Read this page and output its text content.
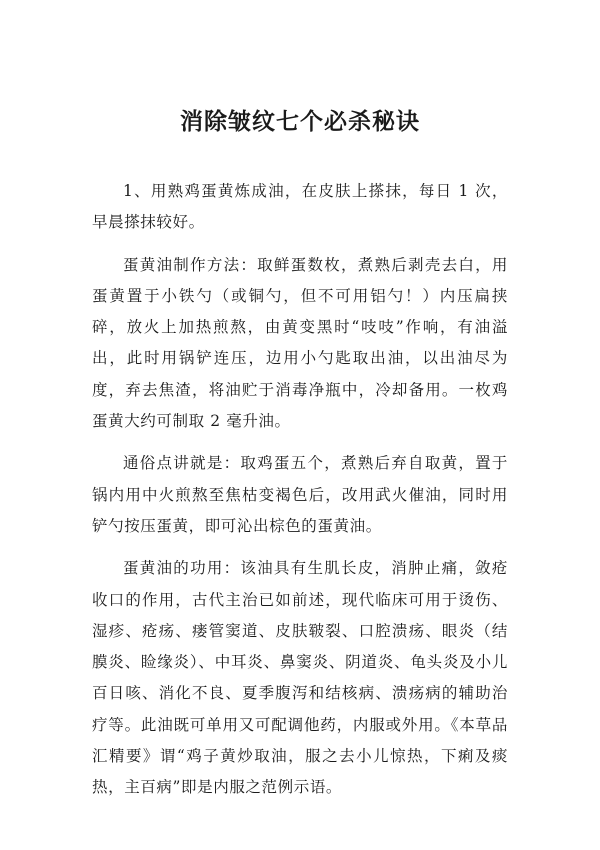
消除皱纹七个必杀秘诀

1、用熟鸡蛋黄炼成油，在皮肤上搽抹，每日 1 次，早晨搽抹较好。

蛋黄油制作方法：取鲜蛋数枚，煮熟后剥壳去白，用蛋黄置于小铁勺（或铜勺，但不可用铝勺！）内压扁挟碎，放火上加热煎熬，由黄变黑时“吱吱”作响，有油溢出，此时用锅铲连压，边用小勺匙取出油，以出油尽为度，弃去焦渣，将油贮于消毒净瓶中，冷却备用。一枚鸡蛋黄大约可制取 2 毫升油。

通俗点讲就是：取鸡蛋五个，煮熟后弃自取黄，置于锅内用中火煎熬至焦枯变褐色后，改用武火催油，同时用铲勺按压蛋黄，即可沁出棕色的蛋黄油。

蛋黄油的功用：该油具有生肌长皮，消肿止痛，敛疮收口的作用，古代主治已如前述，现代临床可用于烫伤、湿疹、疮疡、瘘管窦道、皮肤皲裂、口腔溃疡、眼炎（结膜炎、睑缘炎）、中耳炎、鼻窦炎、阴道炎、龟头炎及小儿百日咳、消化不良、夏季腹泻和结核病、溃疡病的辅助治疗等。此油既可单用又可配调他药，内服或外用。《本草品汇精要》谓“鸡子黄炒取油，服之去小儿惊热，下痢及痰热，主百病”即是内服之范例示语。
